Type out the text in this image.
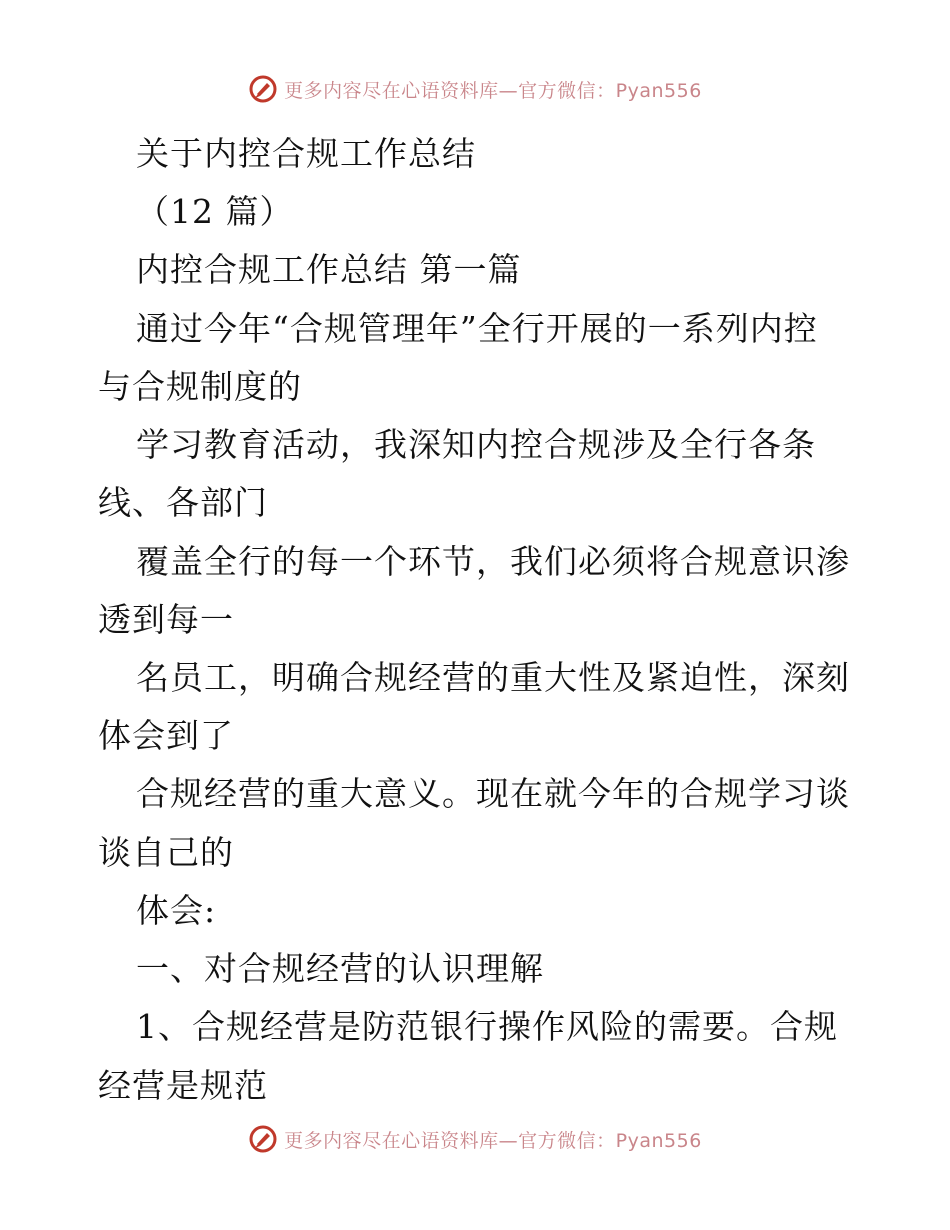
更多内容尽在心语资料库—官方微信：Pyan556
关于内控合规工作总结
（12 篇）
内控合规工作总结 第一篇
通过今年“合规管理年”全行开展的一系列内控
与合规制度的
学习教育活动，我深知内控合规涉及全行各条
线、各部门
覆盖全行的每一个环节，我们必须将合规意识渗
透到每一
名员工，明确合规经营的重大性及紧迫性，深刻
体会到了
合规经营的重大意义。现在就今年的合规学习谈
谈自己的
体会:
一、对合规经营的认识理解
1、合规经营是防范银行操作风险的需要。合规
经营是规范
更多内容尽在心语资料库—官方微信：Pyan556
